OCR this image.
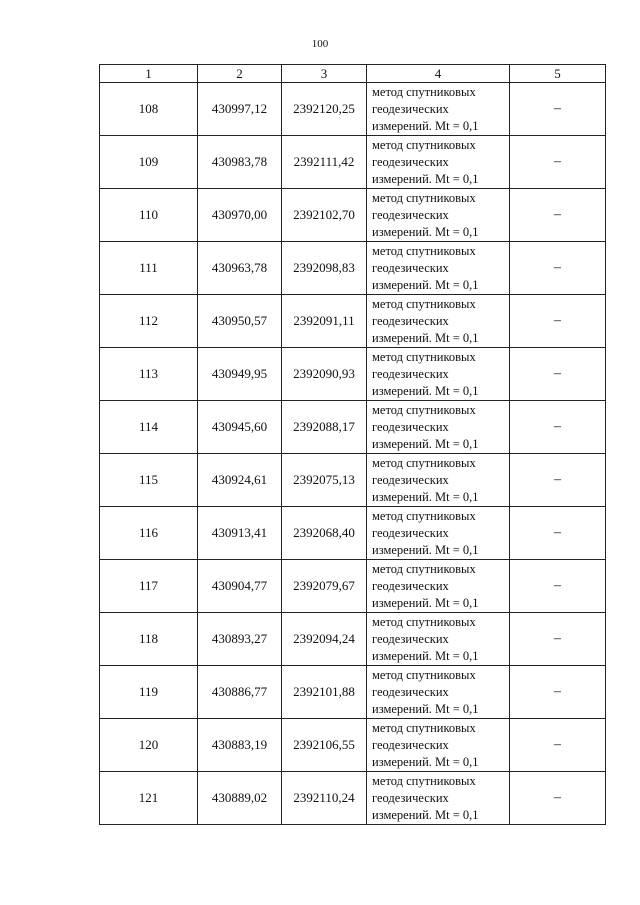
100
1	2	3	4	5
108	430997,12	2392120,25	метод спутниковых
геодезических
измерений. Mt = 0,1	–
109	430983,78	2392111,42	метод спутниковых
геодезических
измерений. Mt = 0,1	–
110	430970,00	2392102,70	метод спутниковых
геодезических
измерений. Mt = 0,1	–
111	430963,78	2392098,83	метод спутниковых
геодезических
измерений. Mt = 0,1	–
112	430950,57	2392091,11	метод спутниковых
геодезических
измерений. Mt = 0,1	–
113	430949,95	2392090,93	метод спутниковых
геодезических
измерений. Mt = 0,1	–
114	430945,60	2392088,17	метод спутниковых
геодезических
измерений. Mt = 0,1	–
115	430924,61	2392075,13	метод спутниковых
геодезических
измерений. Mt = 0,1	–
116	430913,41	2392068,40	метод спутниковых
геодезических
измерений. Mt = 0,1	–
117	430904,77	2392079,67	метод спутниковых
геодезических
измерений. Mt = 0,1	–
118	430893,27	2392094,24	метод спутниковых
геодезических
измерений. Mt = 0,1	–
119	430886,77	2392101,88	метод спутниковых
геодезических
измерений. Mt = 0,1	–
120	430883,19	2392106,55	метод спутниковых
геодезических
измерений. Mt = 0,1	–
121	430889,02	2392110,24	метод спутниковых
геодезических
измерений. Mt = 0,1	–
